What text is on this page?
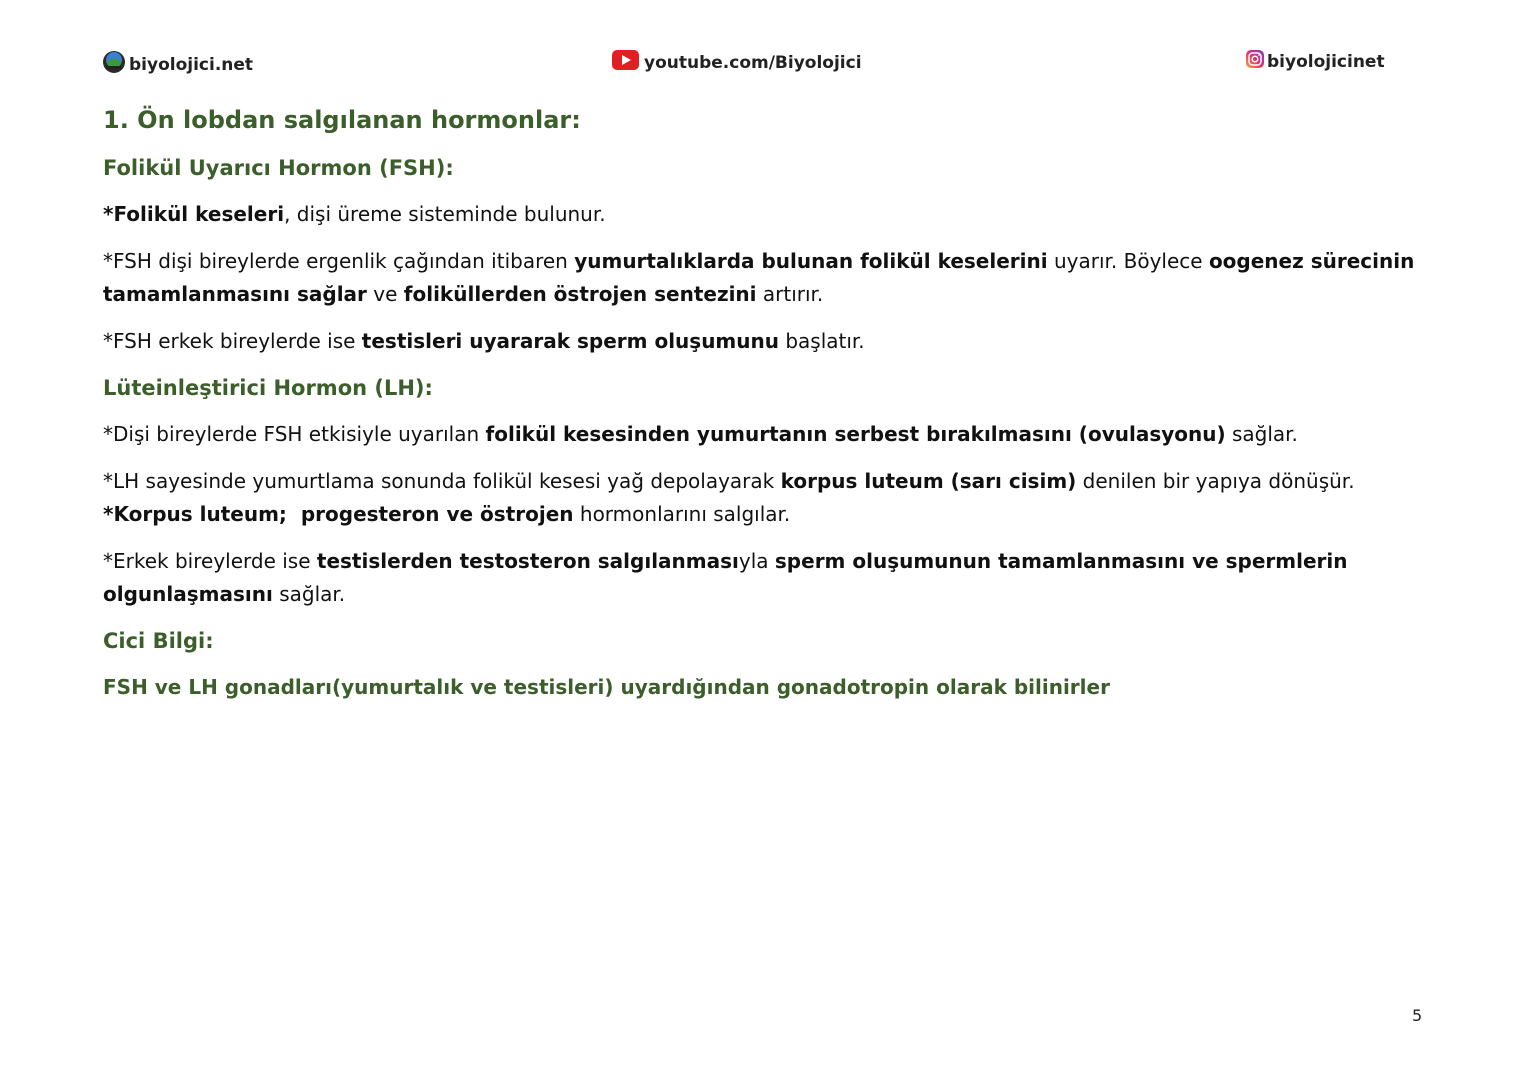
biyolojici.net	youtube.com/Biyolojici	biyolojicinet
1. Ön lobdan salgılanan hormonlar:
Folikül Uyarıcı Hormon (FSH):
*Folikül keseleri, dişi üreme sisteminde bulunur.
*FSH dişi bireylerde ergenlik çağından itibaren yumurtalıklarda bulunan folikül keselerini uyarır. Böylece oogenez sürecinin tamamlanmasını sağlar ve foliküllerden östrojen sentezini artırır.
*FSH erkek bireylerde ise testisleri uyararak sperm oluşumunu başlatır.
Lüteinleştirici Hormon (LH):
*Dişi bireylerde FSH etkisiyle uyarılan folikül kesesinden yumurtanın serbest bırakılmasını (ovulasyonu) sağlar.
*LH sayesinde yumurtlama sonunda folikül kesesi yağ depolayarak korpus luteum (sarı cisim) denilen bir yapıya dönüşür.
*Korpus luteum;  progesteron ve östrojen hormonlarını salgılar.
*Erkek bireylerde ise testislerden testosteron salgılanmasıyla sperm oluşumunun tamamlanmasını ve spermlerin olgunlaşmasını sağlar.
Cici Bilgi:
FSH ve LH gonadları(yumurtalık ve testisleri) uyardığından gonadotropin olarak bilinirler
5
